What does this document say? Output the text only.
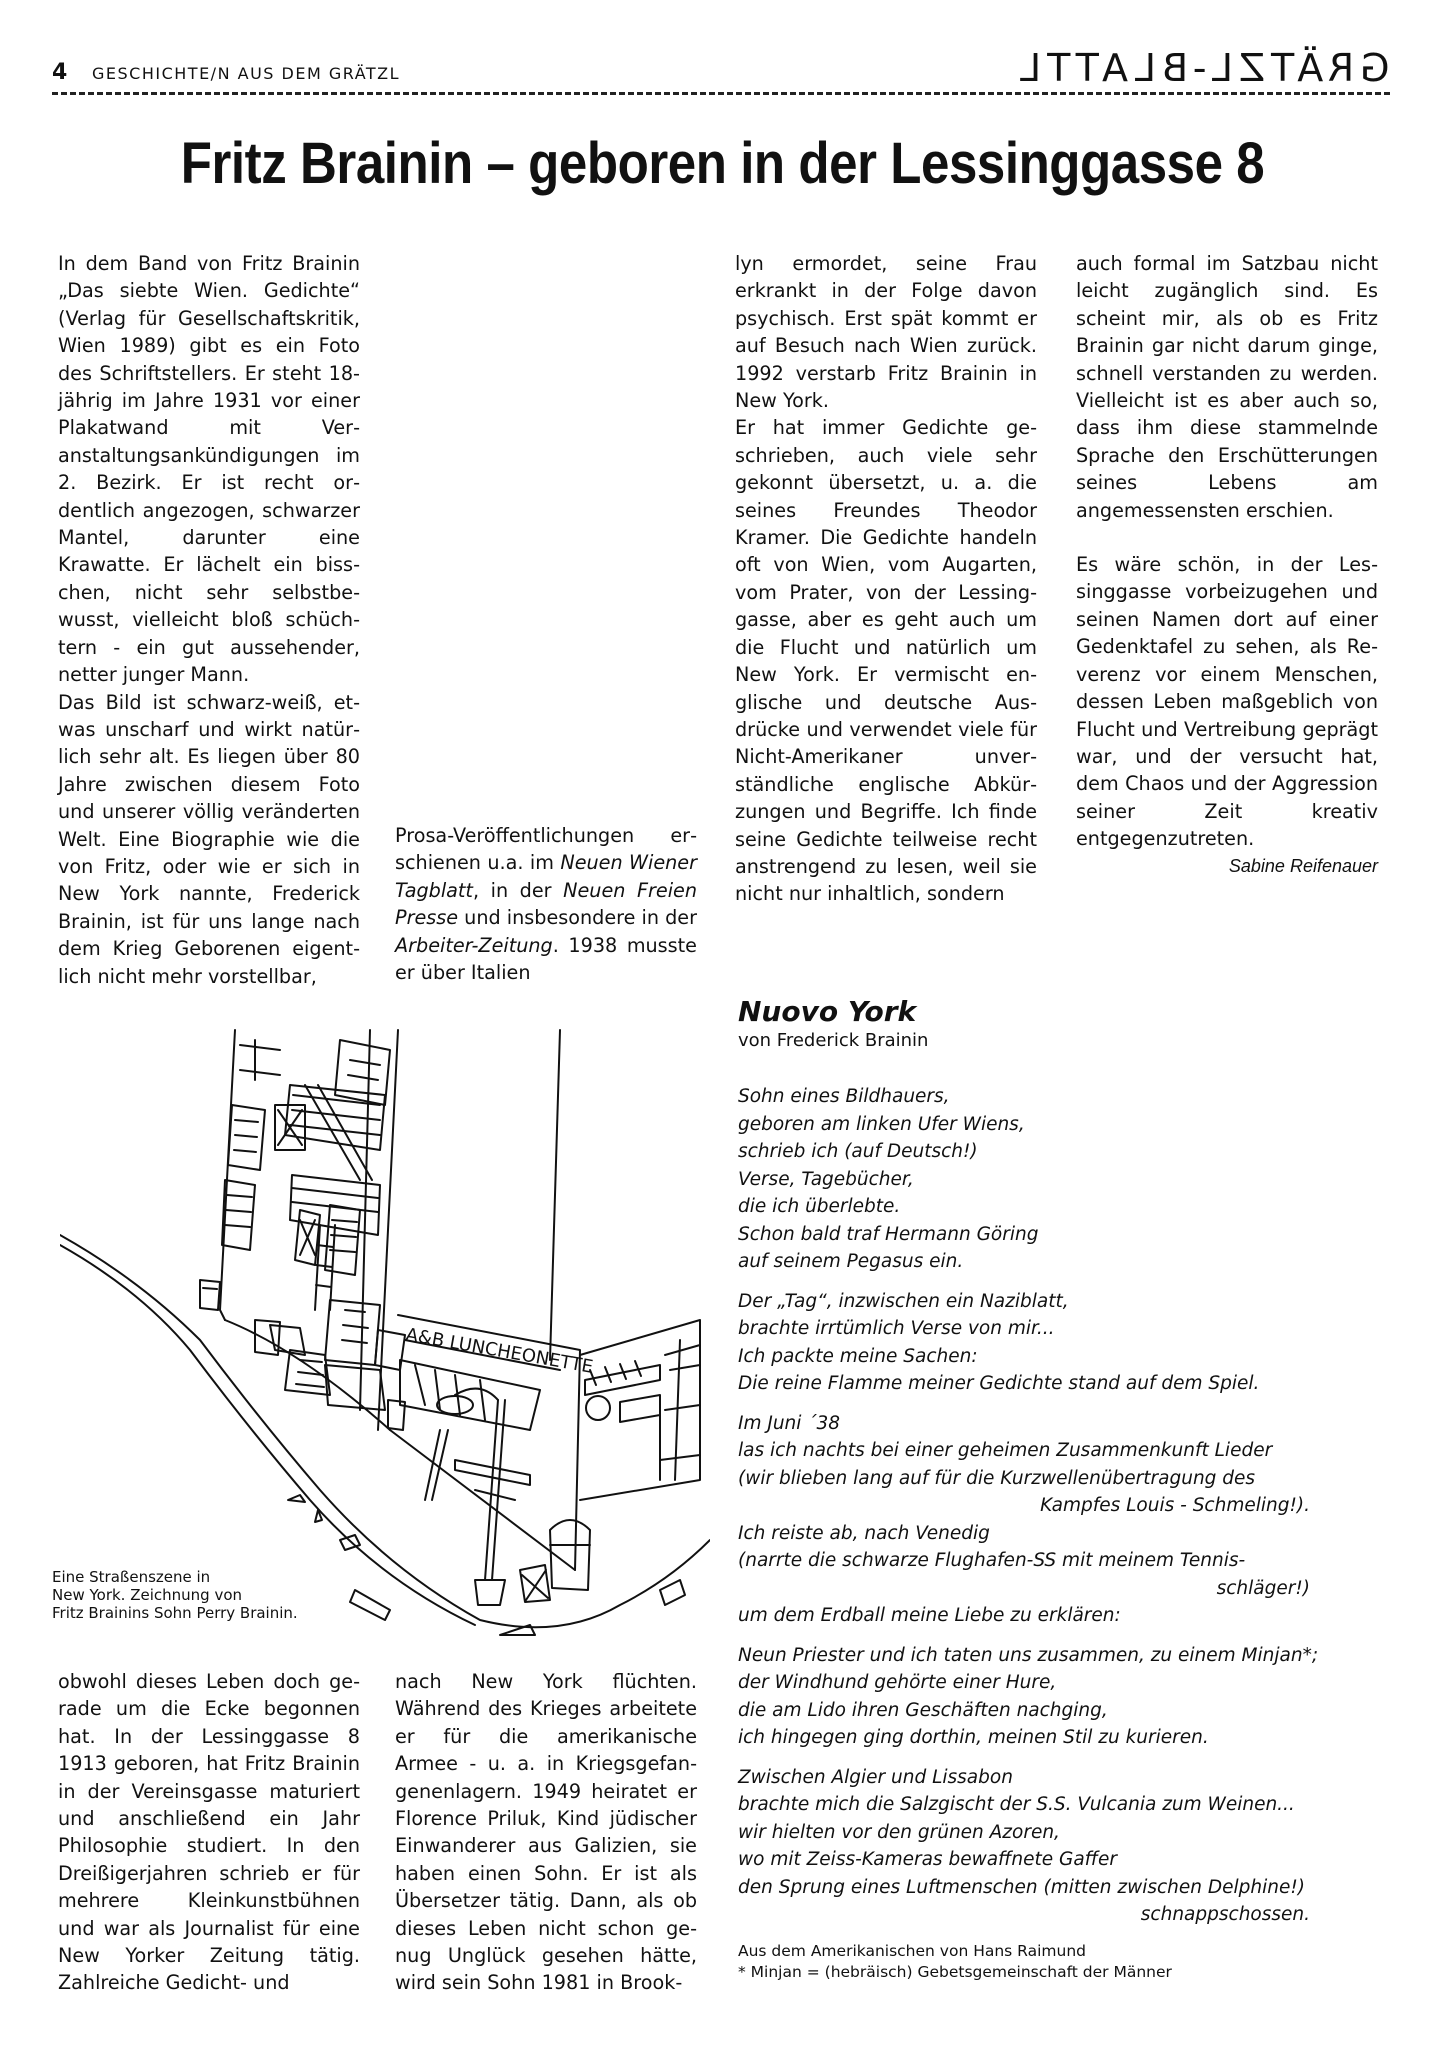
4 GESCHICHTE/N AUS DEM GRÄTZL	GRÄTZL-BLATTL
Fritz Brainin – geboren in der Lessinggasse 8

In dem Band von Fritz Brainin „Das siebte Wien. Gedichte“ (Verlag für Gesellschaftskritik, Wien 1989) gibt es ein Foto des Schriftstellers. Er steht 18-jährig im Jahre 1931 vor einer Plakatwand mit Veranstaltungsankündigungen im 2. Bezirk. Er ist recht ordentlich angezogen, schwarzer Mantel, darunter eine Krawatte. Er lächelt ein bisschen, nicht sehr selbstbewusst, vielleicht bloß schüchtern - ein gut aussehender, netter junger Mann.

Das Bild ist schwarz-weiß, etwas unscharf und wirkt natürlich sehr alt. Es liegen über 80 Jahre zwischen diesem Foto und unserer völlig veränderten Welt. Eine Biographie wie die von Fritz, oder wie er sich in New York nannte, Frederick Brainin, ist für uns lange nach dem Krieg Geborenen eigentlich nicht mehr vorstellbar,

Prosa-Veröffentlichungen erschienen u.a. im Neuen Wiener Tagblatt, in der Neuen Freien Presse und insbesondere in der Arbeiter-Zeitung. 1938 musste er über Italien

lyn ermordet, seine Frau erkrankt in der Folge davon psychisch. Erst spät kommt er auf Besuch nach Wien zurück. 1992 verstarb Fritz Brainin in New York.

Er hat immer Gedichte geschrieben, auch viele sehr gekonnt übersetzt, u. a. die seines Freundes Theodor Kramer. Die Gedichte handeln oft von Wien, vom Augarten, vom Prater, von der Lessinggasse, aber es geht auch um die Flucht und natürlich um New York. Er vermischt englische und deutsche Ausdrücke und verwendet viele für Nicht-Amerikaner unverständliche englische Abkürzungen und Begriffe. Ich finde seine Gedichte teilweise recht anstrengend zu lesen, weil sie nicht nur inhaltlich, sondern

auch formal im Satzbau nicht leicht zugänglich sind. Es scheint mir, als ob es Fritz Brainin gar nicht darum ginge, schnell verstanden zu werden. Vielleicht ist es aber auch so, dass ihm diese stammelnde Sprache den Erschütterungen seines Lebens am angemessensten erschien.

Es wäre schön, in der Lessinggasse vorbeizugehen und seinen Namen dort auf einer Gedenktafel zu sehen, als Reverenz vor einem Menschen, dessen Leben maßgeblich von Flucht und Vertreibung geprägt war, und der versucht hat, dem Chaos und der Aggression seiner Zeit kreativ entgegenzutreten.

Sabine Reifenauer

A&B LUNCHEONETTE
Eine Straßenszene in
New York. Zeichnung von
Fritz Brainins Sohn Perry Brainin.

obwohl dieses Leben doch gerade um die Ecke begonnen hat. In der Lessinggasse 8 1913 geboren, hat Fritz Brainin in der Vereinsgasse maturiert und anschließend ein Jahr Philosophie studiert. In den Dreißigerjahren schrieb er für mehrere Kleinkunstbühnen und war als Journalist für eine New Yorker Zeitung tätig. Zahlreiche Gedicht- und

nach New York flüchten. Während des Krieges arbeitete er für die amerikanische Armee - u. a. in Kriegsgefangenenlagern. 1949 heiratet er Florence Priluk, Kind jüdischer Einwanderer aus Galizien, sie haben einen Sohn. Er ist als Übersetzer tätig. Dann, als ob dieses Leben nicht schon genug Unglück gesehen hätte, wird sein Sohn 1981 in Brook-

Nuovo York
von Frederick Brainin
Sohn eines Bildhauers,
geboren am linken Ufer Wiens,
schrieb ich (auf Deutsch!)
Verse, Tagebücher,
die ich überlebte.
Schon bald traf Hermann Göring
auf seinem Pegasus ein.
Der „Tag“, inzwischen ein Naziblatt,
brachte irrtümlich Verse von mir...
Ich packte meine Sachen:
Die reine Flamme meiner Gedichte stand auf dem Spiel.
Im Juni ´38
las ich nachts bei einer geheimen Zusammenkunft Lieder
(wir blieben lang auf für die Kurzwellenübertragung des
Kampfes Louis - Schmeling!).
Ich reiste ab, nach Venedig
(narrte die schwarze Flughafen-SS mit meinem Tennis-
schläger!)
um dem Erdball meine Liebe zu erklären:
Neun Priester und ich taten uns zusammen, zu einem Minjan*;
der Windhund gehörte einer Hure,
die am Lido ihren Geschäften nachging,
ich hingegen ging dorthin, meinen Stil zu kurieren.
Zwischen Algier und Lissabon
brachte mich die Salzgischt der S.S. Vulcania zum Weinen...
wir hielten vor den grünen Azoren,
wo mit Zeiss-Kameras bewaffnete Gaffer
den Sprung eines Luftmenschen (mitten zwischen Delphine!)
schnappschossen.
Aus dem Amerikanischen von Hans Raimund
* Minjan = (hebräisch) Gebetsgemeinschaft der Männer
